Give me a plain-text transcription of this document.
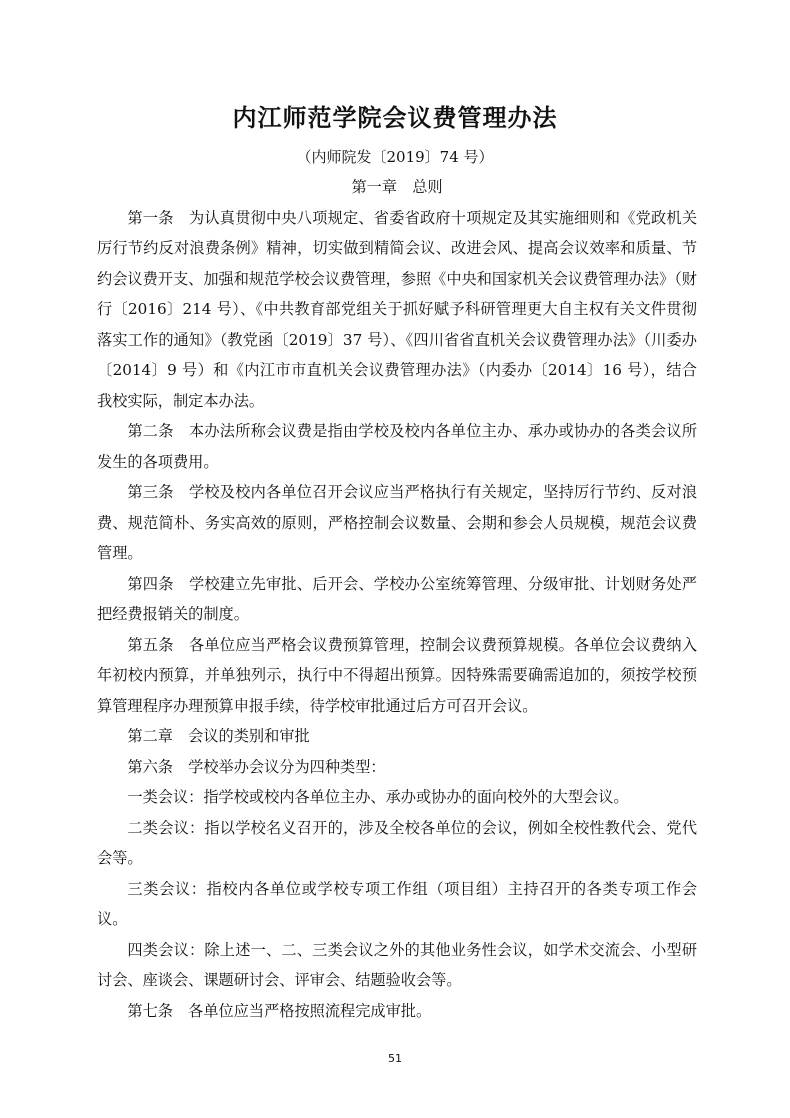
内江师范学院会议费管理办法
（内师院发〔2019〕74 号）

第一章　总则

第一条　为认真贯彻中央八项规定、省委省政府十项规定及其实施细则和《党政机关厉行节约反对浪费条例》精神，切实做到精简会议、改进会风、提高会议效率和质量、节约会议费开支、加强和规范学校会议费管理，参照《中央和国家机关会议费管理办法》（财行〔2016〕214 号）、《中共教育部党组关于抓好赋予科研管理更大自主权有关文件贯彻落实工作的通知》（教党函〔2019〕37 号）、《四川省省直机关会议费管理办法》（川委办〔2014〕9 号）和《内江市市直机关会议费管理办法》（内委办〔2014〕16 号），结合我校实际，制定本办法。

第二条　本办法所称会议费是指由学校及校内各单位主办、承办或协办的各类会议所发生的各项费用。

第三条　学校及校内各单位召开会议应当严格执行有关规定，坚持厉行节约、反对浪费、规范简朴、务实高效的原则，严格控制会议数量、会期和参会人员规模，规范会议费管理。

第四条　学校建立先审批、后开会、学校办公室统筹管理、分级审批、计划财务处严把经费报销关的制度。

第五条　各单位应当严格会议费预算管理，控制会议费预算规模。各单位会议费纳入年初校内预算，并单独列示，执行中不得超出预算。因特殊需要确需追加的，须按学校预算管理程序办理预算申报手续，待学校审批通过后方可召开会议。

第二章　会议的类别和审批

第六条　学校举办会议分为四种类型：

一类会议：指学校或校内各单位主办、承办或协办的面向校外的大型会议。

二类会议：指以学校名义召开的，涉及全校各单位的会议，例如全校性教代会、党代会等。

三类会议：指校内各单位或学校专项工作组（项目组）主持召开的各类专项工作会议。

四类会议：除上述一、二、三类会议之外的其他业务性会议，如学术交流会、小型研讨会、座谈会、课题研讨会、评审会、结题验收会等。

第七条　各单位应当严格按照流程完成审批。

51
